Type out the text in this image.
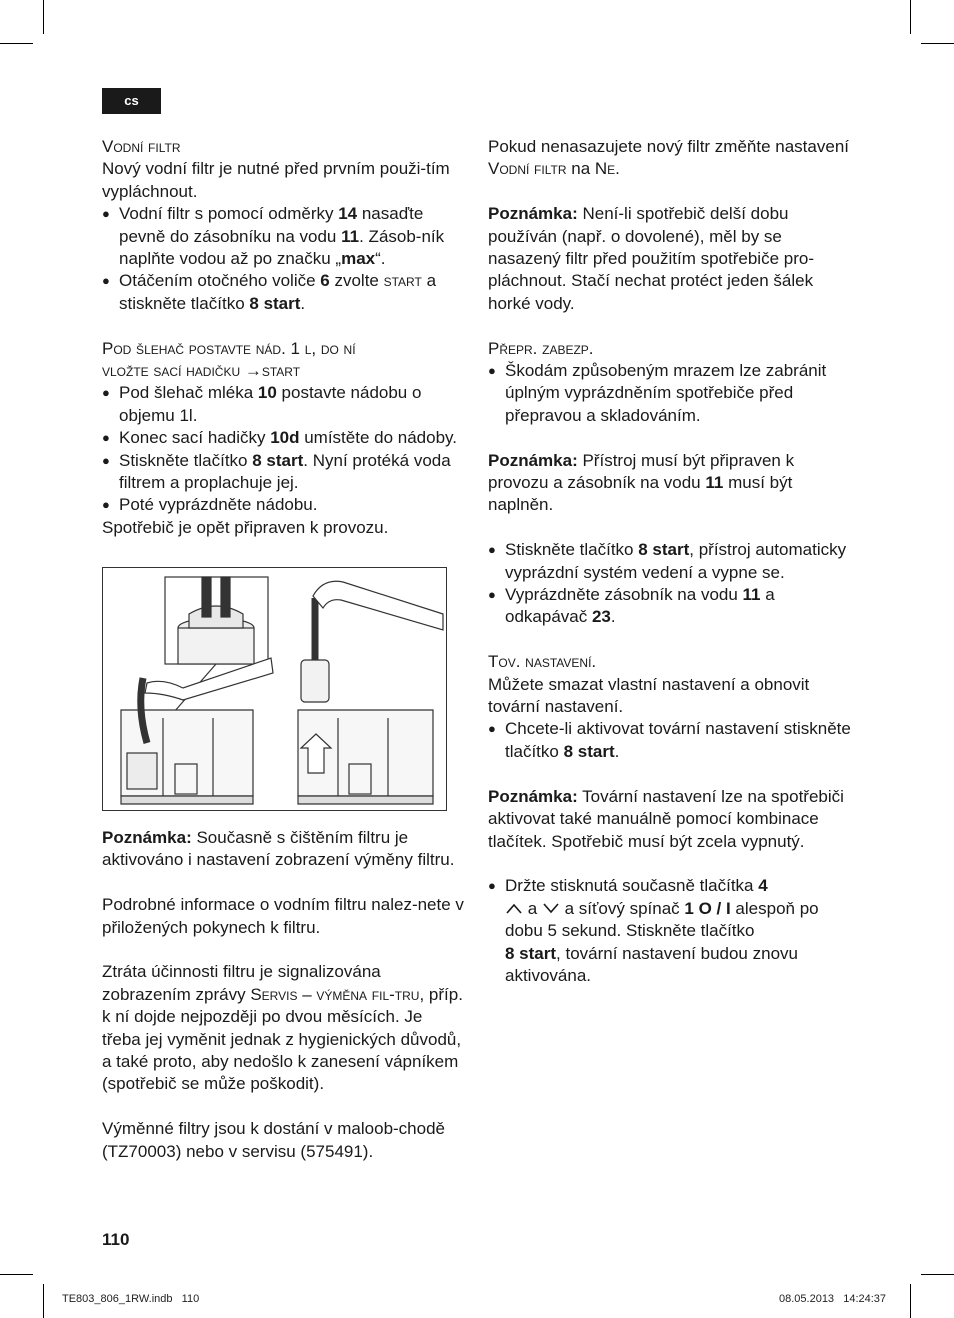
cs

Vodní filtr

Nový vodní filtr je nutné před prvním použi-tím vypláchnout.

● Vodní filtr s pomocí odměrky 14 nasaďte pevně do zásobníku na vodu 11. Zásob-ník naplňte vodou až po značku „max“.

● Otáčením otočného voliče 6 zvolte start a stiskněte tlačítko 8 start.

Pod šlehač postavte nád. 1 l, do ní
vložte sací hadičku →start

● Pod šlehač mléka 10 postavte nádobu o objemu 1l.

● Konec sací hadičky 10d umístěte do nádoby.

● Stiskněte tlačítko 8 start. Nyní protéká voda filtrem a proplachuje jej.

● Poté vyprázdněte nádobu.

Spotřebič je opět připraven k provozu.

Poznámka: Současně s čištěním filtru je aktivováno i nastavení zobrazení výměny filtru.

Podrobné informace o vodním filtru nalez-nete v přiložených pokynech k filtru.

Ztráta účinnosti filtru je signalizována zobrazením zprávy Servis – výměna fil-tru, příp. k ní dojde nejpozději po dvou měsících. Je třeba jej vyměnit jednak z hygienických důvodů, a také proto, aby nedošlo k zanesení vápníkem (spotřebič se může poškodit).

Výměnné filtry jsou k dostání v maloob-chodě (TZ70003) nebo v servisu (575491).

Pokud nenasazujete nový filtr změňte nastavení Vodní filtr na Ne.

Poznámka: Není-li spotřebič delší dobu používán (např. o dovolené), měl by se nasazený filtr před použitím spotřebiče pro-pláchnout. Stačí nechat protéct jeden šálek horké vody.

Přepr. zabezp.

● Škodám způsobeným mrazem lze zabránit úplným vyprázdněním spotřebiče před přepravou a skladováním.

Poznámka: Přístroj musí být připraven k provozu a zásobník na vodu 11 musí být naplněn.

● Stiskněte tlačítko 8 start, přístroj automaticky vyprázdní systém vedení a vypne se.

● Vyprázdněte zásobník na vodu 11 a odkapávač 23.

Tov. nastavení.

Můžete smazat vlastní nastavení a obnovit tovární nastavení.

● Chcete-li aktivovat tovární nastavení stiskněte tlačítko 8 start.

Poznámka: Tovární nastavení lze na spotřebiči aktivovat také manuálně pomocí kombinace tlačítek. Spotřebič musí být zcela vypnutý.

● Držte stisknutá současně tlačítka 4
a  a síťový spínač 1 O / I alespoň po dobu 5 sekund. Stiskněte tlačítko
8 start, tovární nastavení budou znovu aktivována.

110
TE803_806_1RW.indb   110	08.05.2013   14:24:37
